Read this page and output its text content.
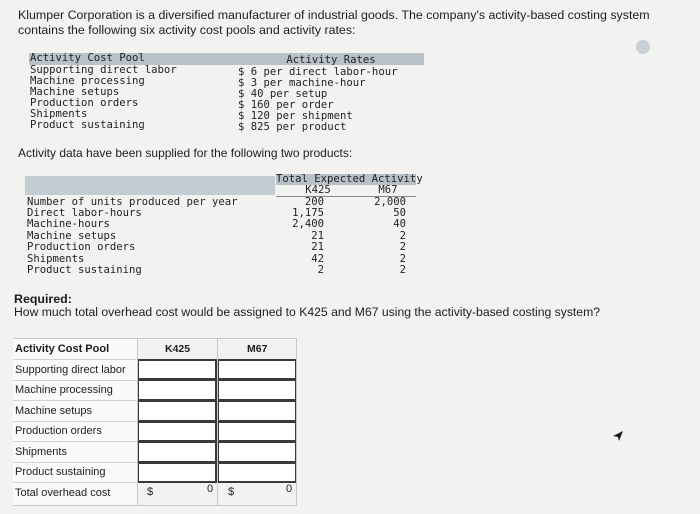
Klumper Corporation is a diversified manufacturer of industrial goods. The company's activity-based costing system contains the following six activity cost pools and activity rates:
Activity Cost Pool	Activity Rates
Supporting direct labor	$ 6 per direct labor-hour
Machine processing	$ 3 per machine-hour
Machine setups	$ 40 per setup
Production orders	$ 160 per order
Shipments	$ 120 per shipment
Product sustaining	$ 825 per product
Activity data have been supplied for the following two products:
Total Expected Activity
K425	M67
Number of units produced per year	200	2,000
Direct labor-hours	1,175	50
Machine-hours	2,400	40
Machine setups	21	2
Production orders	21	2
Shipments	42	2
Product sustaining	2	2
Required:
How much total overhead cost would be assigned to K425 and M67 using the activity-based costing system?
Activity Cost Pool	K425	M67
Supporting direct labor
Machine processing
Machine setups
Production orders
Shipments
Product sustaining
Total overhead cost	$	0 $	0
